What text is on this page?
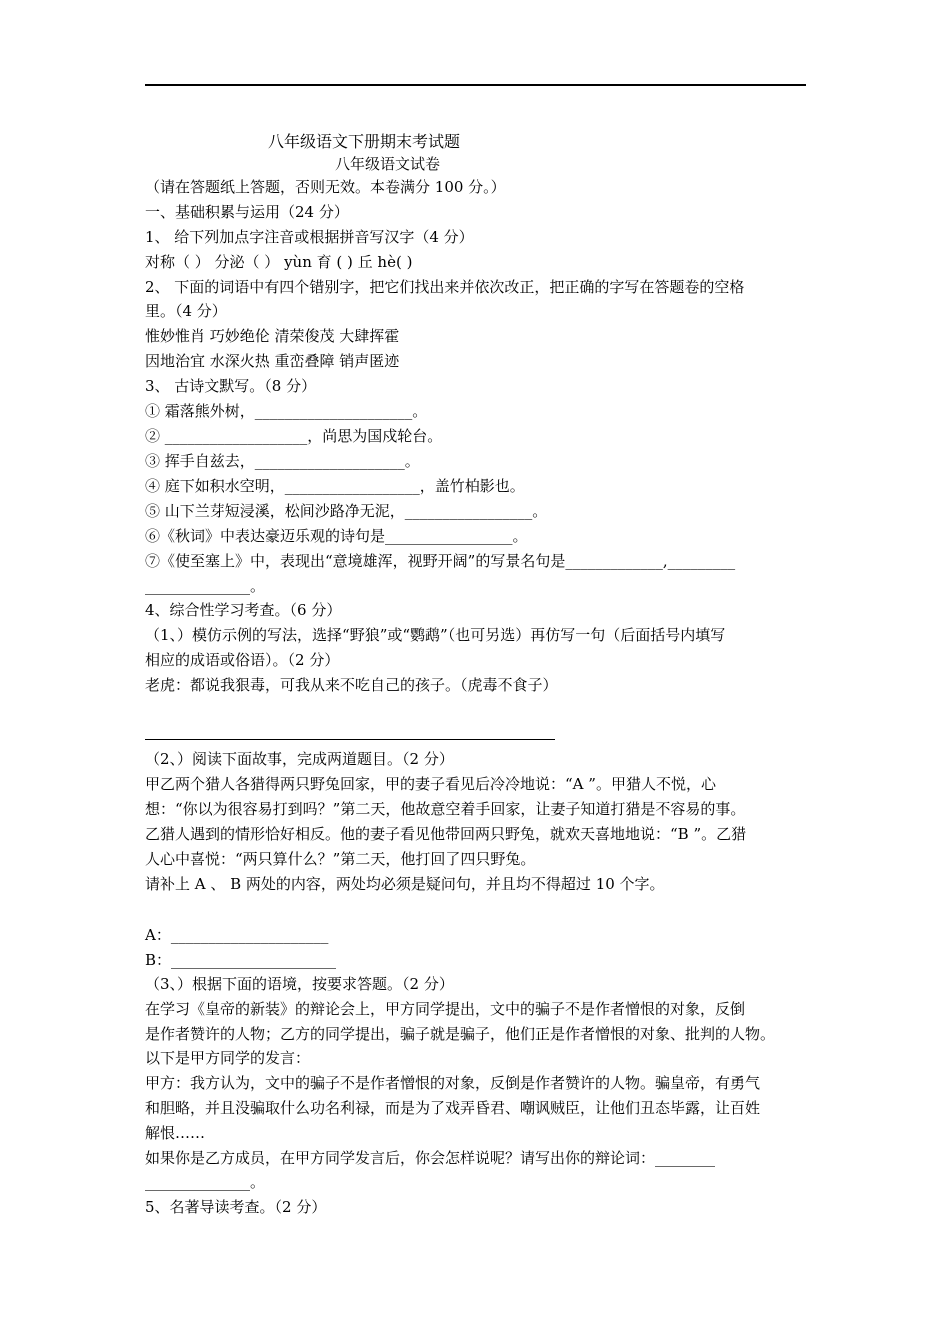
八年级语文下册期末考试题
八年级语文试卷
（请在答题纸上答题，否则无效。本卷满分 100 分。）
一、基础积累与运用（24 分）
1、 给下列加点字注音或根据拼音写汉字（4 分）
对称（ ） 分泌（ ） yùn 育 ( ) 丘 hè( )
2、 下面的词语中有四个错别字，把它们找出来并依次改正，把正确的字写在答题卷的空格
里。（4 分）
惟妙惟肖 巧妙绝伦 清荣俊茂 大肆挥霍
因地治宜 水深火热 重峦叠障 销声匿迹
3、 古诗文默写。（8 分）
① 霜落熊外树，_____________________。
② ___________________，尚思为国戍轮台。
③ 挥手自兹去，____________________。
④ 庭下如积水空明，__________________，盖竹柏影也。
⑤ 山下兰芽短浸溪，松间沙路净无泥，_________________。
⑥《秋词》中表达豪迈乐观的诗句是_________________。
⑦《使至塞上》中，表现出“意境雄浑，视野开阔”的写景名句是_____________,_________
______________。
4、综合性学习考查。（6 分）
（1、）模仿示例的写法，选择“野狼”或“鹦鹉”（也可另选）再仿写一句（后面括号内填写
相应的成语或俗语）。（2 分）
老虎：都说我狠毒，可我从来不吃自己的孩子。（虎毒不食子）
（2、）阅读下面故事，完成两道题目。（2 分）
甲乙两个猎人各猎得两只野兔回家，甲的妻子看见后冷冷地说：“A ”。甲猎人不悦，心
想：“你以为很容易打到吗？”第二天，他故意空着手回家，让妻子知道打猎是不容易的事。
乙猎人遇到的情形恰好相反。他的妻子看见他带回两只野兔，就欢天喜地地说：“B ”。乙猎
人心中喜悦：“两只算什么？”第二天，他打回了四只野兔。
请补上 A 、 B 两处的内容，两处均必须是疑问句，并且均不得超过 10 个字。
A：_____________________
B：______________________
（3、）根据下面的语境，按要求答题。（2 分）
在学习《皇帝的新装》的辩论会上，甲方同学提出，文中的骗子不是作者憎恨的对象，反倒
是作者赞许的人物；乙方的同学提出，骗子就是骗子，他们正是作者憎恨的对象、批判的人物。
以下是甲方同学的发言：
甲方：我方认为，文中的骗子不是作者憎恨的对象，反倒是作者赞许的人物。骗皇帝，有勇气
和胆略，并且没骗取什么功名利禄，而是为了戏弄昏君、嘲讽贼臣，让他们丑态毕露，让百姓
解恨……
如果你是乙方成员，在甲方同学发言后，你会怎样说呢？请写出你的辩论词：________
______________。
5、名著导读考查。（2 分）
